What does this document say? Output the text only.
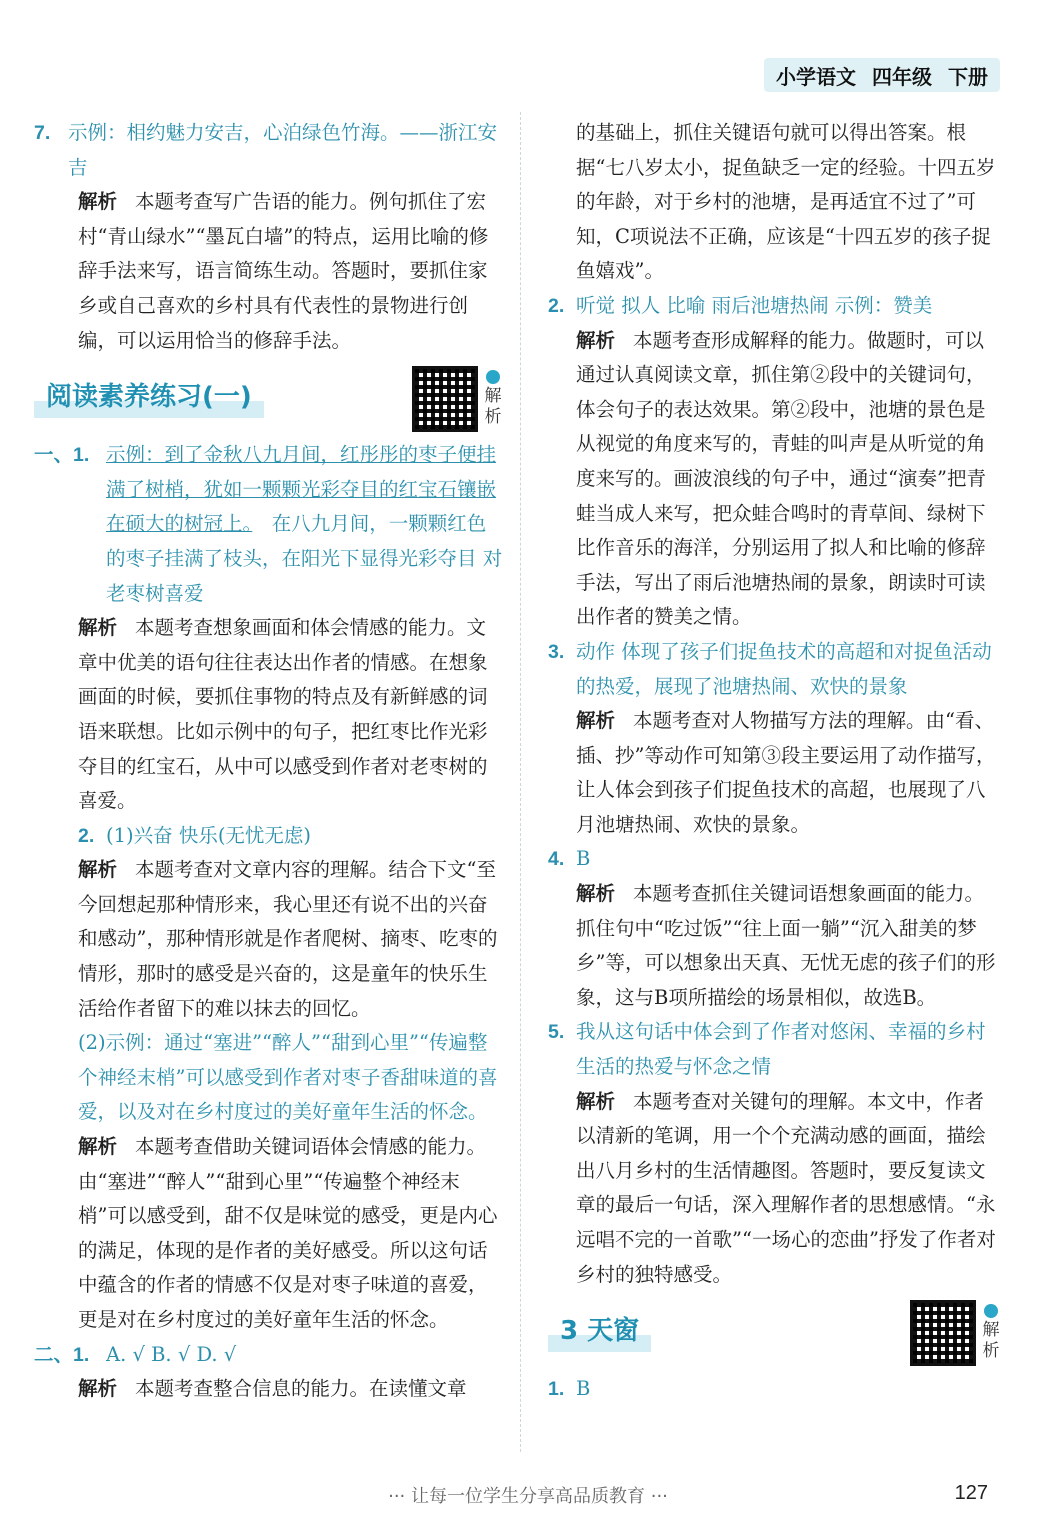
小学语文 四年级 下册
7. 示例：相约魅力安吉，心泊绿色竹海。——浙江安吉
解析 本题考查写广告语的能力。例句抓住了宏村“青山绿水”“墨瓦白墙”的特点，运用比喻的修辞手法来写，语言简练生动。答题时，要抓住家乡或自己喜欢的乡村具有代表性的景物进行创编，可以运用恰当的修辞手法。
阅读素养练习(一)	解析
一、1. 示例：到了金秋八九月间，红彤彤的枣子便挂满了树梢，犹如一颗颗光彩夺目的红宝石镶嵌在硕大的树冠上。　 在八九月间，一颗颗红色的枣子挂满了枝头，在阳光下显得光彩夺目 对老枣树喜爱
解析 本题考查想象画面和体会情感的能力。文章中优美的语句往往表达出作者的情感。在想象画面的时候，要抓住事物的特点及有新鲜感的词语来联想。比如示例中的句子，把红枣比作光彩夺目的红宝石，从中可以感受到作者对老枣树的喜爱。
2. (1)兴奋 快乐(无忧无虑)
解析 本题考查对文章内容的理解。结合下文“至今回想起那种情形来，我心里还有说不出的兴奋和感动”，那种情形就是作者爬树、摘枣、吃枣的情形，那时的感受是兴奋的，这是童年的快乐生活给作者留下的难以抹去的回忆。
(2)示例：通过“塞进”“醉人”“甜到心里”“传遍整个神经末梢”可以感受到作者对枣子香甜味道的喜爱，以及对在乡村度过的美好童年生活的怀念。
解析 本题考查借助关键词语体会情感的能力。由“塞进”“醉人”“甜到心里”“传遍整个神经末梢”可以感受到，甜不仅是味觉的感受，更是内心的满足，体现的是作者的美好感受。所以这句话中蕴含的作者的情感不仅是对枣子味道的喜爱，更是对在乡村度过的美好童年生活的怀念。
二、1. A. √ B. √ D. √
解析 本题考查整合信息的能力。在读懂文章
的基础上，抓住关键语句就可以得出答案。根据“七八岁太小，捉鱼缺乏一定的经验。十四五岁的年龄，对于乡村的池塘，是再适宜不过了”可知，C项说法不正确，应该是“十四五岁的孩子捉鱼嬉戏”。
2. 听觉 拟人 比喻 雨后池塘热闹 示例：赞美
解析 本题考查形成解释的能力。做题时，可以通过认真阅读文章，抓住第②段中的关键词句，体会句子的表达效果。第②段中，池塘的景色是从视觉的角度来写的，青蛙的叫声是从听觉的角度来写的。画波浪线的句子中，通过“演奏”把青蛙当成人来写，把众蛙合鸣时的青草间、绿树下比作音乐的海洋，分别运用了拟人和比喻的修辞手法，写出了雨后池塘热闹的景象，朗读时可读出作者的赞美之情。
3. 动作 体现了孩子们捉鱼技术的高超和对捉鱼活动的热爱，展现了池塘热闹、欢快的景象
解析 本题考查对人物描写方法的理解。由“看、插、抄”等动作可知第③段主要运用了动作描写，让人体会到孩子们捉鱼技术的高超，也展现了八月池塘热闹、欢快的景象。
4. B
解析 本题考查抓住关键词语想象画面的能力。抓住句中“吃过饭”“往上面一躺”“沉入甜美的梦乡”等，可以想象出天真、无忧无虑的孩子们的形象，这与B项所描绘的场景相似，故选B。
5. 我从这句话中体会到了作者对悠闲、幸福的乡村生活的热爱与怀念之情
解析 本题考查对关键句的理解。本文中，作者以清新的笔调，用一个个充满动感的画面，描绘出八月乡村的生活情趣图。答题时，要反复读文章的最后一句话，深入理解作者的思想感情。“永远唱不完的一首歌”“一场心的恋曲”抒发了作者对乡村的独特感受。
3 天窗	解析
1. B
··· 让每一位学生分享高品质教育 ···	127
